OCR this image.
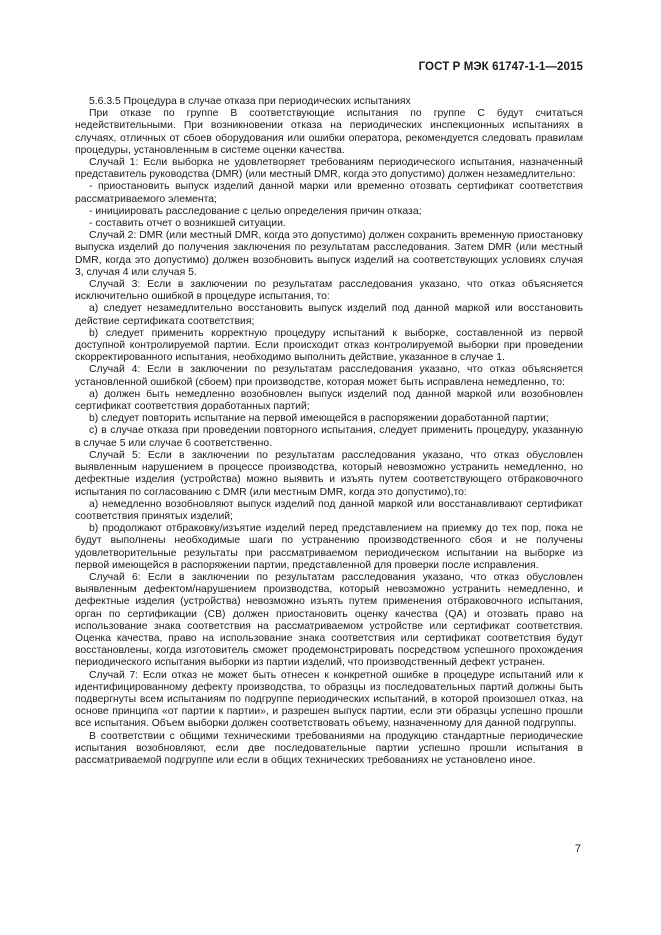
ГОСТ Р МЭК 61747-1-1—2015

5.6.3.5 Процедура в случае отказа при периодических испытаниях

При отказе по группе В соответствующие испытания по группе С будут считаться недействительными. При возникновении отказа на периодических инспекционных испытаниях в случаях, отличных от сбоев оборудования или ошибки оператора, рекомендуется следовать правилам процедуры, установленным в системе оценки качества.

Случай 1: Если выборка не удовлетворяет требованиям периодического испытания, назначенный представитель руководства (DMR) (или местный DMR, когда это допустимо) должен незамедлительно:

- приостановить выпуск изделий данной марки или временно отозвать сертификат соответствия рассматриваемого элемента;

- инициировать расследование с целью определения причин отказа;

- составить отчет о возникшей ситуации.

Случай 2: DMR (или местный DMR, когда это допустимо) должен сохранить временную приостановку выпуска изделий до получения заключения по результатам расследования. Затем DMR (или местный DMR, когда это допустимо) должен возобновить выпуск изделий на соответствующих условиях случая 3, случая 4 или случая 5.

Случай 3: Если в заключении по результатам расследования указано, что отказ объясняется исключительно ошибкой в процедуре испытания, то:

а) следует незамедлительно восстановить выпуск изделий под данной маркой или восстановить действие сертификата соответствия;

b) следует применить корректную процедуру испытаний к выборке, составленной из первой доступной контролируемой партии. Если происходит отказ контролируемой выборки при проведении скорректированного испытания, необходимо выполнить действие, указанное в случае 1.

Случай 4: Если в заключении по результатам расследования указано, что отказ объясняется установленной ошибкой (сбоем) при производстве, которая может быть исправлена немедленно, то:

а) должен быть немедленно возобновлен выпуск изделий под данной маркой или возобновлен сертификат соответствия доработанных партий;

b) следует повторить испытание на первой имеющейся в распоряжении доработанной партии;

c) в случае отказа при проведении повторного испытания, следует применить процедуру, указанную в случае 5 или случае 6 соответственно.

Случай 5: Если в заключении по результатам расследования указано, что отказ обусловлен выявленным нарушением в процессе производства, который невозможно устранить немедленно, но дефектные изделия (устройства) можно выявить и изъять путем соответствующего отбраковочного испытания по согласованию с DMR (или местным DMR, когда это допустимо),то:

а) немедленно возобновляют выпуск изделий под данной маркой или восстанавливают сертификат соответствия принятых изделий;

b) продолжают отбраковку/изъятие изделий перед представлением на приемку до тех пор, пока не будут выполнены необходимые шаги по устранению производственного сбоя и не получены удовлетворительные результаты при рассматриваемом периодическом испытании на выборке из первой имеющейся в распоряжении партии, представленной для проверки после исправления.

Случай 6: Если в заключении по результатам расследования указано, что отказ обусловлен выявленным дефектом/нарушением производства, который невозможно устранить немедленно, и дефектные изделия (устройства) невозможно изъять путем применения отбраковочного испытания, орган по сертификации (СВ) должен приостановить оценку качества (QA) и отозвать право на использование знака соответствия на рассматриваемом устройстве или сертификат соответствия. Оценка качества, право на использование знака соответствия или сертификат соответствия будут восстановлены, когда изготовитель сможет продемонстрировать посредством успешного прохождения периодического испытания выборки из партии изделий, что производственный дефект устранен.

Случай 7: Если отказ не может быть отнесен к конкретной ошибке в процедуре испытаний или к идентифицированному дефекту производства, то образцы из последовательных партий должны быть подвергнуты всем испытаниям по подгруппе периодических испытаний, в которой произошел отказ, на основе принципа «от партии к партии», и разрешен выпуск партии, если эти образцы успешно прошли все испытания. Объем выборки должен соответствовать объему, назначенному для данной подгруппы.

В соответствии с общими техническими требованиями на продукцию стандартные периодические испытания возобновляют, если две последовательные партии успешно прошли испытания в рассматриваемой подгруппе или если в общих технических требованиях не установлено иное.

7
